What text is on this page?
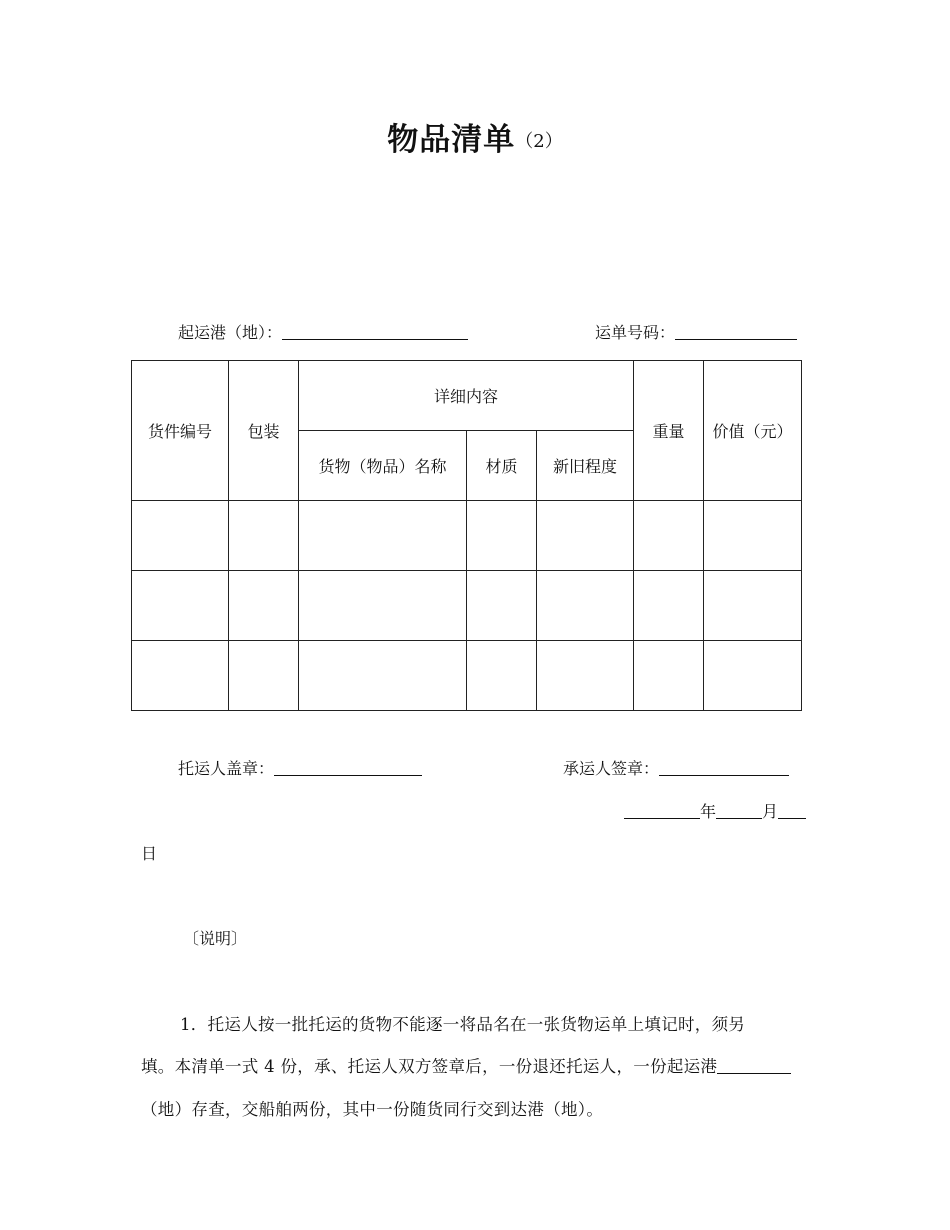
物品清单（2）
起运港（地）：	运单号码：
货件编号	包装	详细内容			重量	价值（元）
		货物（物品）名称	材质	新旧程度		

托运人盖章：	承运人签章：
年	月
日
〔说明〕
1．托运人按一批托运的货物不能逐一将品名在一张货物运单上填记时，须另
填。本清单一式 4 份，承、托运人双方签章后，一份退还托运人，一份起运港
（地）存查，交船舶两份，其中一份随货同行交到达港（地）。
